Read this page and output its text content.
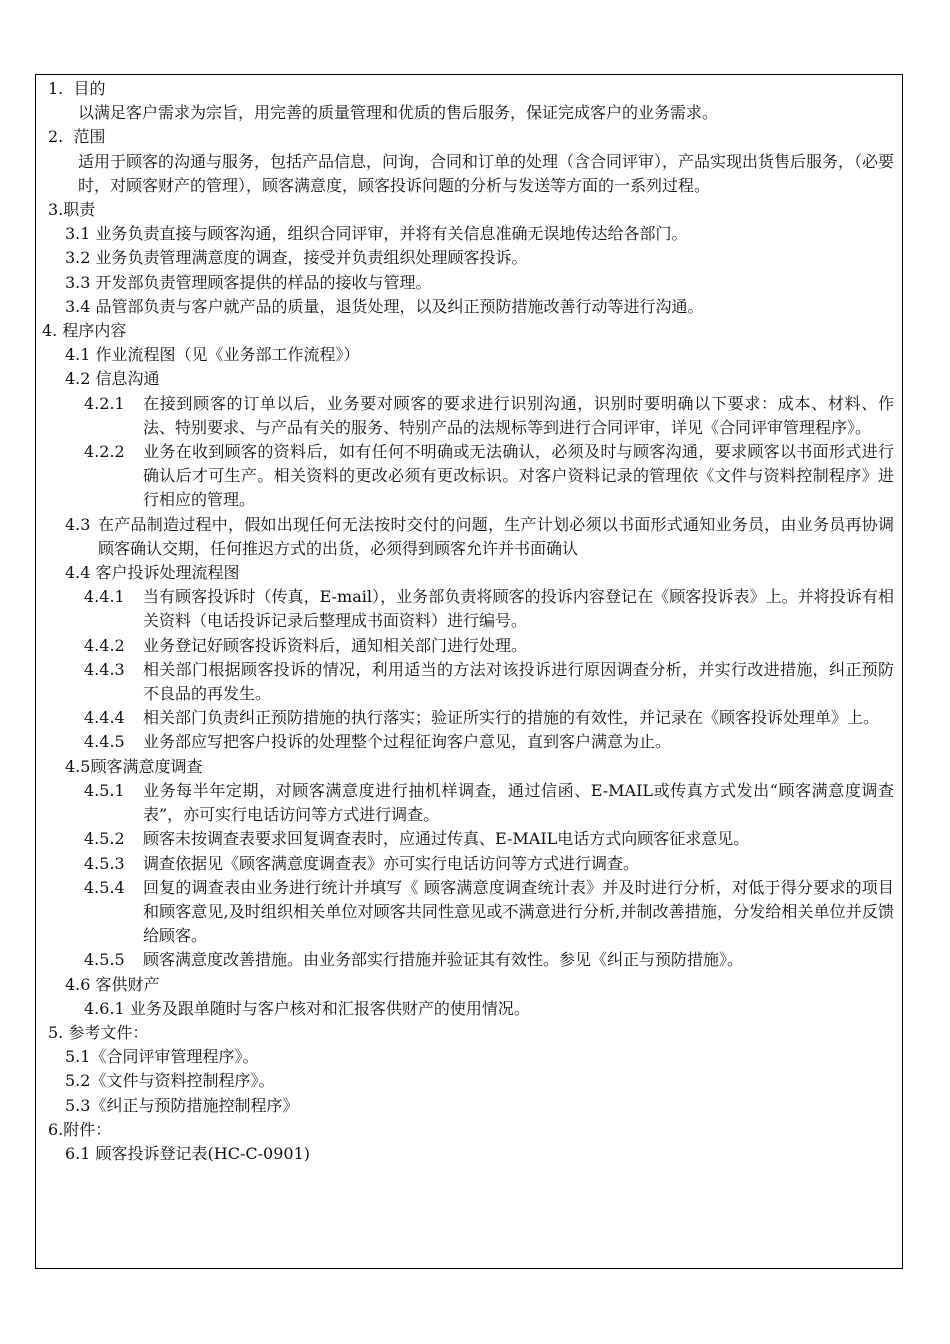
1. 目的
以满足客户需求为宗旨，用完善的质量管理和优质的售后服务，保证完成客户的业务需求。
2. 范围
适用于顾客的沟通与服务，包括产品信息，问询，合同和订单的处理（含合同评审），产品实现出货售后服务，（必要时，对顾客财产的管理），顾客满意度，顾客投诉问题的分析与发送等方面的一系列过程。
3.职责
3.1 业务负责直接与顾客沟通，组织合同评审，并将有关信息准确无误地传达给各部门。
3.2 业务负责管理满意度的调查，接受并负责组织处理顾客投诉。
3.3 开发部负责管理顾客提供的样品的接收与管理。
3.4 品管部负责与客户就产品的质量，退货处理，以及纠正预防措施改善行动等进行沟通。
4. 程序内容
4.1 作业流程图（见《业务部工作流程》）
4.2 信息沟通
4.2.1	在接到顾客的订单以后，业务要对顾客的要求进行识别沟通，识别时要明确以下要求：成本、材料、作法、特别要求、与产品有关的服务、特别产品的法规标等到进行合同评审，详见《合同评审管理程序》。
4.2.2	业务在收到顾客的资料后，如有任何不明确或无法确认，必须及时与顾客沟通，要求顾客以书面形式进行确认后才可生产。相关资料的更改必须有更改标识。对客户资料记录的管理依《文件与资料控制程序》进行相应的管理。
4.3 在产品制造过程中，假如出现任何无法按时交付的问题，生产计划必须以书面形式通知业务员，由业务员再协调顾客确认交期，任何推迟方式的出货，必须得到顾客允许并书面确认
4.4 客户投诉处理流程图
4.4.1	当有顾客投诉时（传真，E-mail），业务部负责将顾客的投诉内容登记在《顾客投诉表》上。并将投诉有相关资料（电话投诉记录后整理成书面资料）进行编号。
4.4.2	业务登记好顾客投诉资料后，通知相关部门进行处理。
4.4.3	相关部门根据顾客投诉的情况，利用适当的方法对该投诉进行原因调查分析，并实行改进措施，纠正预防不良品的再发生。
4.4.4	相关部门负责纠正预防措施的执行落实；验证所实行的措施的有效性，并记录在《顾客投诉处理单》上。
4.4.5	业务部应写把客户投诉的处理整个过程征询客户意见，直到客户满意为止。
4.5顾客满意度调查
4.5.1	业务每半年定期，对顾客满意度进行抽机样调查，通过信函、E-MAIL或传真方式发出“顾客满意度调查表”，亦可实行电话访问等方式进行调查。
4.5.2	顾客未按调查表要求回复调查表时，应通过传真、E-MAIL电话方式向顾客征求意见。
4.5.3	调查依据见《顾客满意度调查表》亦可实行电话访问等方式进行调查。
4.5.4	回复的调查表由业务进行统计并填写《 顾客满意度调查统计表》并及时进行分析，对低于得分要求的项目和顾客意见,及时组织相关单位对顾客共同性意见或不满意进行分析,并制改善措施，分发给相关单位并反馈给顾客。
4.5.5	顾客满意度改善措施。由业务部实行措施并验证其有效性。参见《纠正与预防措施》。
4.6 客供财产
4.6.1 业务及跟单随时与客户核对和汇报客供财产的使用情况。
5. 参考文件：
5.1《合同评审管理程序》。
5.2《文件与资料控制程序》。
5.3《纠正与预防措施控制程序》
6.附件：
6.1 顾客投诉登记表(HC-C-0901)
